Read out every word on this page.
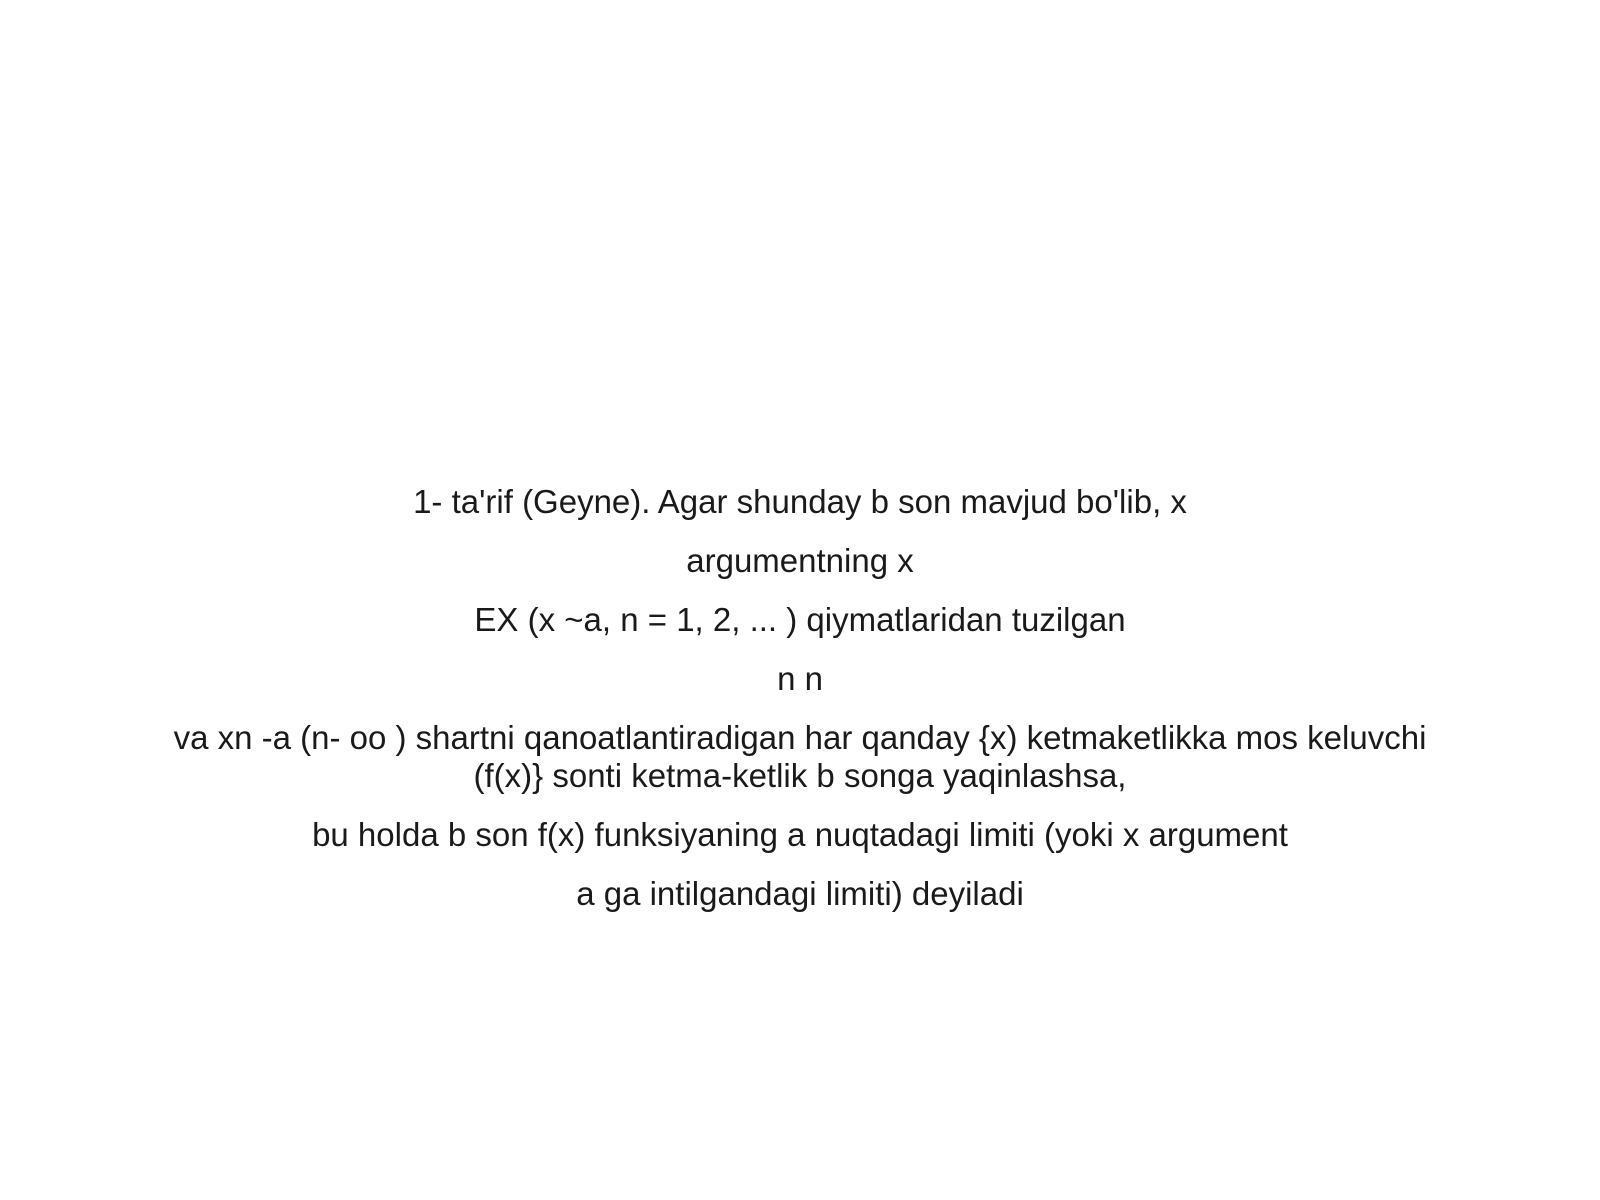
1- ta'rif (Geyne). Agar shunday b son mavjud bo'lib, x
argumentning x
EX (x ~a, n = 1, 2, ... ) qiymatlaridan tuzilgan
n n
va xn -a (n- oo ) shartni qanoatlantiradigan har qanday {x) ketmaketlikka mos keluvchi
(f(x)} sonti ketma-ketlik b songa yaqinlashsa,
bu holda b son f(x) funksiyaning a nuqtadagi limiti (yoki x argument
a ga intilgandagi limiti) deyiladi
